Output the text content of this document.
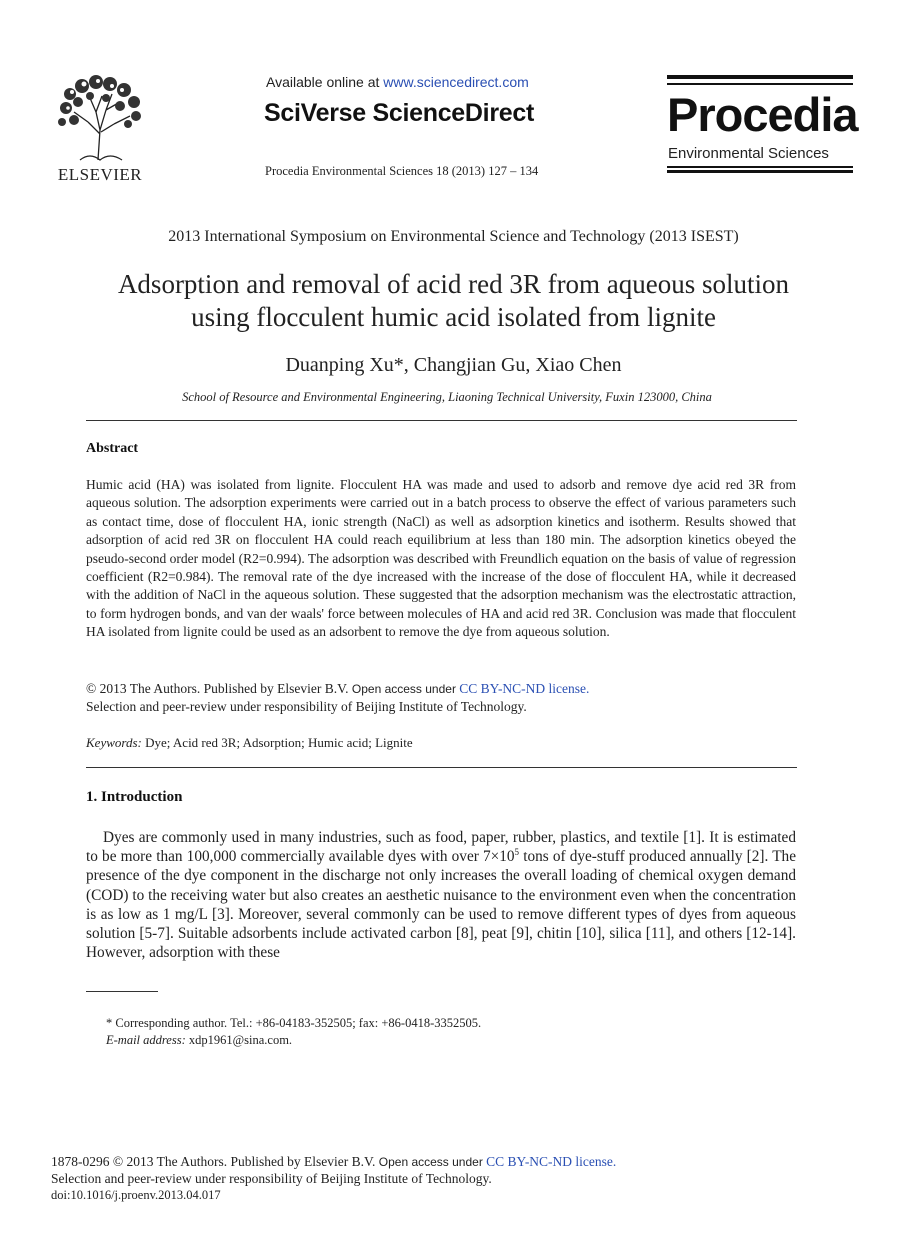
ELSEVIER
Available online at www.sciencedirect.com
SciVerse ScienceDirect
Procedia Environmental Sciences 18 (2013) 127 – 134
Procedia
Environmental Sciences
2013 International Symposium on Environmental Science and Technology (2013 ISEST)
Adsorption and removal of acid red 3R from aqueous solution
using flocculent humic acid isolated from lignite
Duanping Xu*, Changjian Gu, Xiao Chen
School of Resource and Environmental Engineering, Liaoning Technical University, Fuxin 123000, China
Abstract

Humic acid (HA) was isolated from lignite. Flocculent HA was made and used to adsorb and remove dye acid red 3R from aqueous solution. The adsorption experiments were carried out in a batch process to observe the effect of various parameters such as contact time, dose of flocculent HA, ionic strength (NaCl) as well as adsorption kinetics and isotherm. Results showed that adsorption of acid red 3R on flocculent HA could reach equilibrium at less than 180 min. The adsorption kinetics obeyed the pseudo-second order model (R2=0.994). The adsorption was described with Freundlich equation on the basis of value of regression coefficient (R2=0.984). The removal rate of the dye increased with the increase of the dose of flocculent HA, while it decreased with the addition of NaCl in the aqueous solution. These suggested that the adsorption mechanism was the electrostatic attraction, to form hydrogen bonds, and van der waals' force between molecules of HA and acid red 3R. Conclusion was made that flocculent HA isolated from lignite could be used as an adsorbent to remove the dye from aqueous solution.

© 2013 The Authors. Published by Elsevier B.V. Open access under CC BY-NC-ND license.
Selection and peer-review under responsibility of Beijing Institute of Technology.
Keywords: Dye; Acid red 3R; Adsorption; Humic acid; Lignite
1. Introduction

Dyes are commonly used in many industries, such as food, paper, rubber, plastics, and textile [1]. It is estimated to be more than 100,000 commercially available dyes with over $7\times 10^5$ tons of dye-stuff produced annually [2]. The presence of the dye component in the discharge not only increases the overall loading of chemical oxygen demand (COD) to the receiving water but also creates an aesthetic nuisance to the environment even when the concentration is as low as 1 mg/L [3]. Moreover, several commonly can be used to remove different types of dyes from aqueous solution [5-7]. Suitable adsorbents include activated carbon [8], peat [9], chitin [10], silica [11], and others [12-14]. However, adsorption with these

* Corresponding author. Tel.: +86-04183-352505; fax: +86-0418-3352505.
E-mail address: xdp1961@sina.com.
1878-0296 © 2013 The Authors. Published by Elsevier B.V. Open access under CC BY-NC-ND license.
Selection and peer-review under responsibility of Beijing Institute of Technology.
doi:10.1016/j.proenv.2013.04.017
